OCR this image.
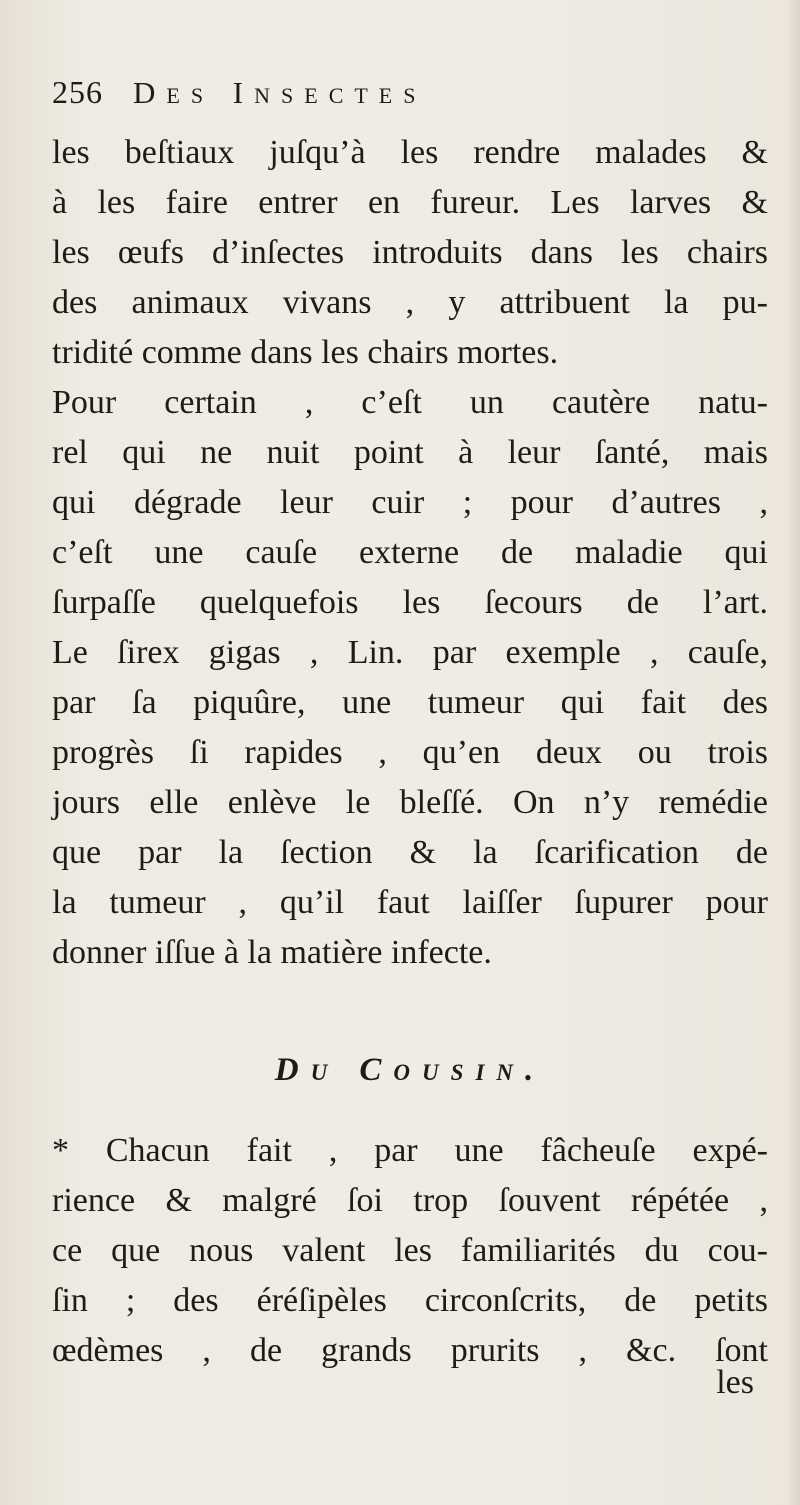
256 Des Insectes
les beſtiaux juſqu’à les rendre malades &
à les faire entrer en fureur. Les larves &
les œufs d’inſectes introduits dans les chairs
des animaux vivans , y attribuent la pu-
tridité comme dans les chairs mortes.
Pour certain , c’eſt un cautère natu-
rel qui ne nuit point à leur ſanté, mais
qui dégrade leur cuir ; pour d’autres ,
c’eſt une cauſe externe de maladie qui
ſurpaſſe quelquefois les ſecours de l’art.
Le ſirex gigas , Lin. par exemple , cauſe,
par ſa piquûre, une tumeur qui fait des
progrès ſi rapides , qu’en deux ou trois
jours elle enlève le bleſſé. On n’y remédie
que par la ſection & la ſcarification de
la tumeur , qu’il faut laiſſer ſupurer pour
donner iſſue à la matière infecte.
Du Cousin.
* Chacun fait , par une fâcheuſe expé-
rience & malgré ſoi trop ſouvent répétée ,
ce que nous valent les familiarités du cou-
ſin ; des éréſipèles circonſcrits, de petits
œdèmes , de grands prurits , &c. ſont
les
